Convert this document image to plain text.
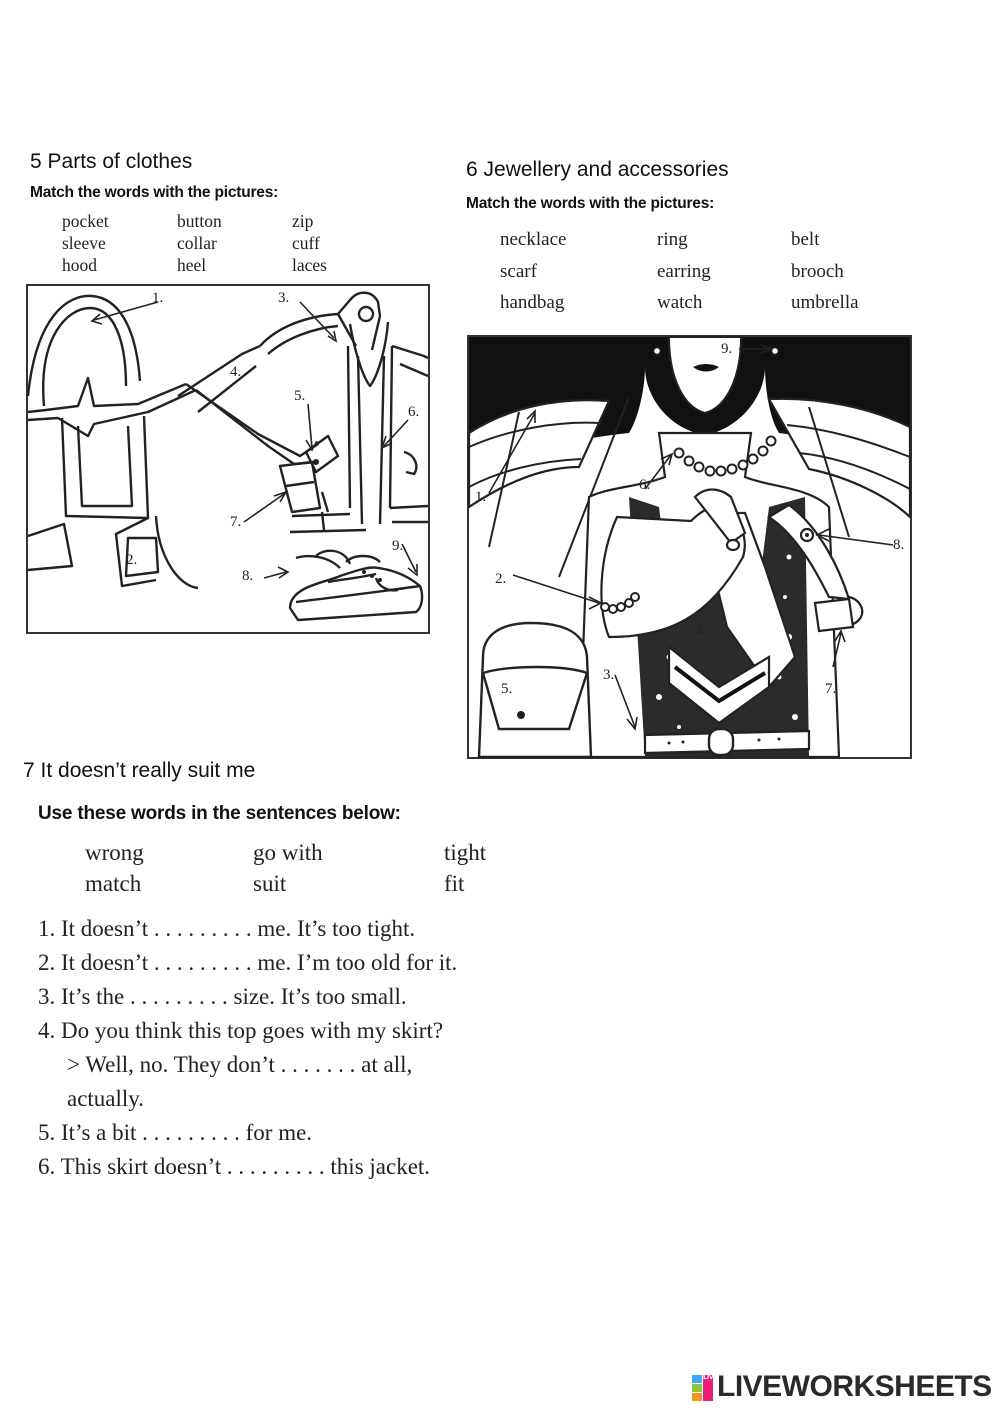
5 Parts of clothes
Match the words with the pictures:
pocket	button	zip
sleeve	collar	cuff
hood	heel	laces
1.
2.
3.
4.
5.
6.
7.
8.
9.
6 Jewellery and accessories
Match the words with the pictures:
necklace	ring	belt
scarf	earring	brooch
handbag	watch	umbrella
1.
2.
3.
4.
5.
6.
7.
8.
9.
7 It doesn’t really suit me
Use these words in the sentences below:
wrong	go with	tight
match	suit	fit
1. It doesn’t . . . . . . . . . me. It’s too tight.
2. It doesn’t . . . . . . . . . me. I’m too old for it.
3. It’s the . . . . . . . . . size. It’s too small.
4. Do you think this top goes with my skirt?
> Well, no. They don’t . . . . . . . at all,
actually.
5. It’s a bit . . . . . . . . . for me.
6. This skirt doesn’t . . . . . . . . . this jacket.
LIVE LIVEWORKSHEETS
